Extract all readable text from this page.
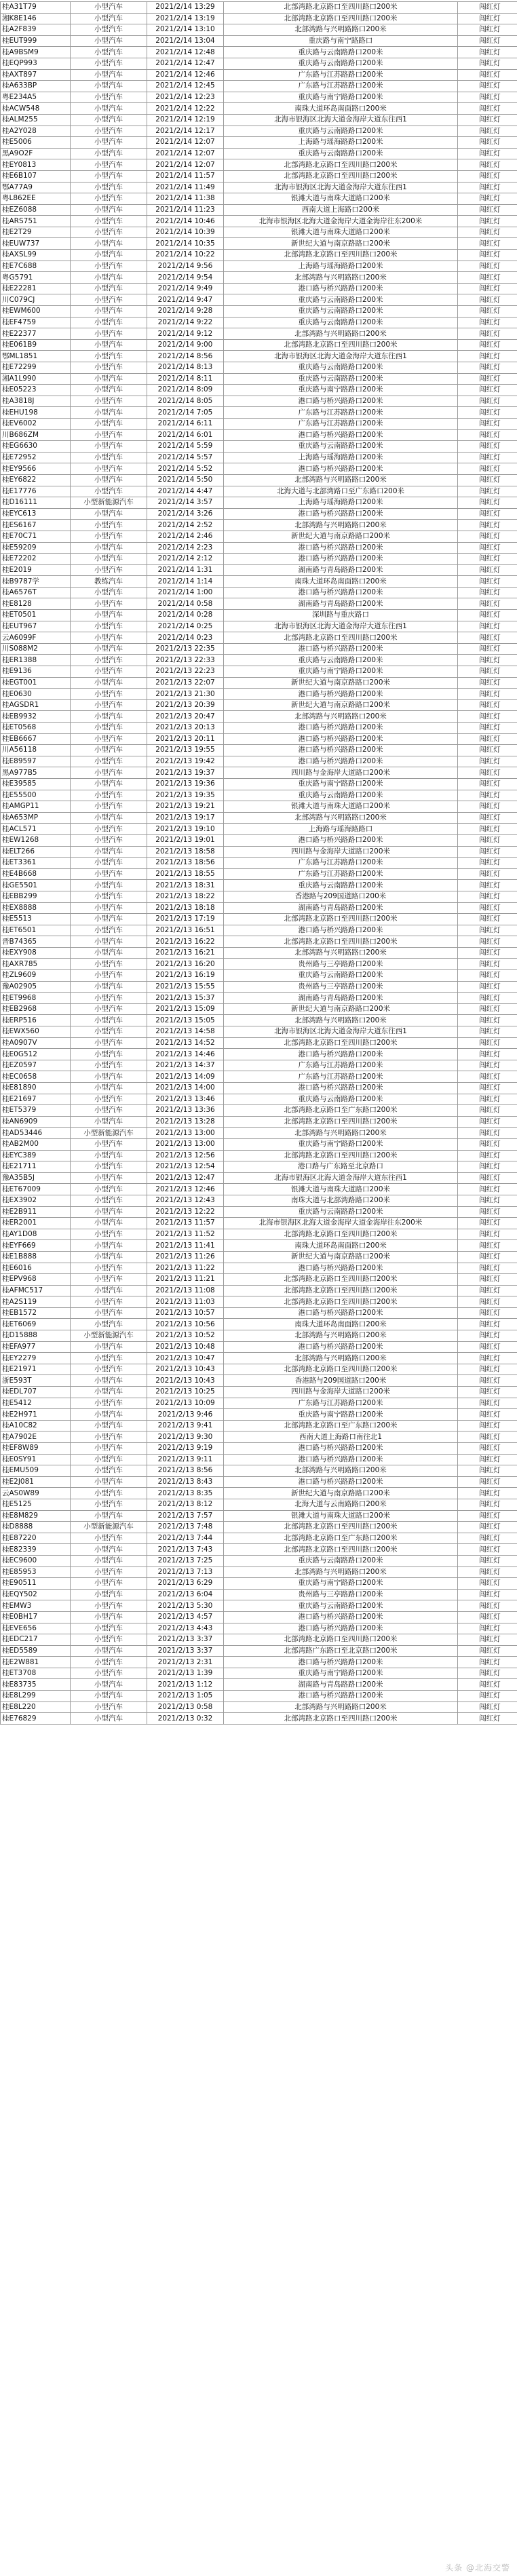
桂A31T79	小型汽车	2021/2/14 13:29	北部湾路北京路口至四川路口200米	闯红灯
湘K8E146	小型汽车	2021/2/14 13:19	北部湾路北京路口至四川路口200米	闯红灯
桂A2F839	小型汽车	2021/2/14 13:10	北部湾路与兴明路路口200米	闯红灯
桂EUT999	小型汽车	2021/2/14 13:04	重庆路与南宁路路口	闯红灯
桂A9BSM9	小型汽车	2021/2/14 12:48	重庆路与云南路路口200米	闯红灯
桂EQP993	小型汽车	2021/2/14 12:47	重庆路与云南路路口200米	闯红灯
桂AXT897	小型汽车	2021/2/14 12:46	广东路与江苏路路口200米	闯红灯
桂A633BP	小型汽车	2021/2/14 12:45	广东路与江苏路路口200米	闯红灯
粤E234A5	小型汽车	2021/2/14 12:23	重庆路与南宁路路口200米	闯红灯
桂ACW548	小型汽车	2021/2/14 12:22	南珠大道环岛南面路口200米	闯红灯
桂ALM255	小型汽车	2021/2/14 12:19	北海市银海区北海大道金海岸大道东往西1	闯红灯
桂A2Y028	小型汽车	2021/2/14 12:17	重庆路与云南路路口200米	闯红灯
桂E5006	小型汽车	2021/2/14 12:07	上海路与瑶海路路口200米	闯红灯
黑A9O2F	小型汽车	2021/2/14 12:07	重庆路与云南路路口200米	闯红灯
桂EY0813	小型汽车	2021/2/14 12:07	北部湾路北京路口至四川路口200米	闯红灯
桂E6B107	小型汽车	2021/2/14 11:57	北部湾路北京路口至四川路口200米	闯红灯
鄂A77A9	小型汽车	2021/2/14 11:49	北海市银海区北海大道金海岸大道东往西1	闯红灯
粤L862EE	小型汽车	2021/2/14 11:38	银滩大道与南珠大道路口200米	闯红灯
桂EZ6088	小型汽车	2021/2/14 11:23	西南大道上海路口200米	闯红灯
桂ARS751	小型汽车	2021/2/14 10:46	北海市银海区北海大道金海岸大道金海岸往东200米	闯红灯
桂E2T29	小型汽车	2021/2/14 10:39	银滩大道与南珠大道路口200米	闯红灯
桂EUW737	小型汽车	2021/2/14 10:35	新世纪大道与南京路路口200米	闯红灯
桂AXSL99	小型汽车	2021/2/14 10:22	北部湾路北京路口至四川路口200米	闯红灯
桂E7C688	小型汽车	2021/2/14 9:56	上海路与瑶海路路口200米	闯红灯
粤G5791	小型汽车	2021/2/14 9:54	北部湾路与兴明路路口200米	闯红灯
桂E22281	小型汽车	2021/2/14 9:49	港口路与桥兴路路口200米	闯红灯
川C079CJ	小型汽车	2021/2/14 9:47	重庆路与云南路路口200米	闯红灯
桂EWM600	小型汽车	2021/2/14 9:28	重庆路与云南路路口200米	闯红灯
桂EF4759	小型汽车	2021/2/14 9:22	重庆路与云南路路口200米	闯红灯
桂E22377	小型汽车	2021/2/14 9:12	北部湾路与兴明路路口200米	闯红灯
桂E061B9	小型汽车	2021/2/14 9:00	北部湾路北京路口至四川路口200米	闯红灯
鄂ML1851	小型汽车	2021/2/14 8:56	北海市银海区北海大道金海岸大道东往西1	闯红灯
桂E72299	小型汽车	2021/2/14 8:13	重庆路与云南路路口200米	闯红灯
湘A1L990	小型汽车	2021/2/14 8:11	重庆路与云南路路口200米	闯红灯
桂E05223	小型汽车	2021/2/14 8:09	重庆路与南宁路路口200米	闯红灯
桂A3818J	小型汽车	2021/2/14 8:05	港口路与桥兴路路口200米	闯红灯
桂EHU198	小型汽车	2021/2/14 7:05	广东路与江苏路路口200米	闯红灯
桂EV6002	小型汽车	2021/2/14 6:11	广东路与江苏路路口200米	闯红灯
川B686ZM	小型汽车	2021/2/14 6:01	港口路与桥兴路路口200米	闯红灯
桂EG6630	小型汽车	2021/2/14 5:59	重庆路与云南路路口200米	闯红灯
桂E72952	小型汽车	2021/2/14 5:57	上海路与瑶海路路口200米	闯红灯
桂EY9566	小型汽车	2021/2/14 5:52	港口路与桥兴路路口200米	闯红灯
桂EY6822	小型汽车	2021/2/14 5:50	北部湾路与兴明路路口200米	闯红灯
桂E17776	小型汽车	2021/2/14 4:47	北海大道与北部湾路口至广东路口200米	闯红灯
桂D16111	小型新能源汽车	2021/2/14 3:57	上海路与瑶海路路口200米	闯红灯
桂EYC613	小型汽车	2021/2/14 3:26	港口路与桥兴路路口200米	闯红灯
桂ES6167	小型汽车	2021/2/14 2:52	北部湾路与兴明路路口200米	闯红灯
桂E70C71	小型汽车	2021/2/14 2:46	新世纪大道与南京路路口200米	闯红灯
桂E59209	小型汽车	2021/2/14 2:23	港口路与桥兴路路口200米	闯红灯
桂E72202	小型汽车	2021/2/14 2:12	港口路与桥兴路路口200米	闯红灯
桂E2019	小型汽车	2021/2/14 1:31	湖南路与青岛路路口200米	闯红灯
桂B9787学	教练汽车	2021/2/14 1:14	南珠大道环岛南面路口200米	闯红灯
桂A6576T	小型汽车	2021/2/14 1:00	港口路与桥兴路路口200米	闯红灯
桂E8128	小型汽车	2021/2/14 0:58	湖南路与青岛路路口200米	闯红灯
桂ET0501	小型汽车	2021/2/14 0:28	深圳路与重庆路口	闯红灯
桂EUT967	小型汽车	2021/2/14 0:25	北海市银海区北海大道金海岸大道东往西1	闯红灯
云A6099F	小型汽车	2021/2/14 0:23	北部湾路北京路口至四川路口200米	闯红灯
川S088M2	小型汽车	2021/2/13 22:35	港口路与桥兴路路口200米	闯红灯
桂ER1388	小型汽车	2021/2/13 22:33	重庆路与云南路路口200米	闯红灯
桂E9136	小型汽车	2021/2/13 22:23	重庆路与南宁路路口200米	闯红灯
桂EGT001	小型汽车	2021/2/13 22:07	新世纪大道与南京路路口200米	闯红灯
桂E0630	小型汽车	2021/2/13 21:30	港口路与桥兴路路口200米	闯红灯
桂AGSDR1	小型汽车	2021/2/13 20:39	新世纪大道与南京路路口200米	闯红灯
桂EB9932	小型汽车	2021/2/13 20:47	北部湾路与兴明路路口200米	闯红灯
桂ET0568	小型汽车	2021/2/13 20:13	港口路与桥兴路路口200米	闯红灯
桂EB6667	小型汽车	2021/2/13 20:11	港口路与桥兴路路口200米	闯红灯
川A56118	小型汽车	2021/2/13 19:55	港口路与桥兴路路口200米	闯红灯
桂E89597	小型汽车	2021/2/13 19:42	港口路与桥兴路路口200米	闯红灯
黑A977B5	小型汽车	2021/2/13 19:37	四川路与金海岸大道路口200米	闯红灯
桂E39585	小型汽车	2021/2/13 19:36	重庆路与南宁路路口200米	闯红灯
桂E55500	小型汽车	2021/2/13 19:35	重庆路与云南路路口200米	闯红灯
桂AMGP11	小型汽车	2021/2/13 19:21	银滩大道与南珠大道路口200米	闯红灯
桂A653MP	小型汽车	2021/2/13 19:17	北部湾路与兴明路路口200米	闯红灯
桂ACL571	小型汽车	2021/2/13 19:10	上海路与瑶海路路口	闯红灯
桂EW1268	小型汽车	2021/2/13 19:01	港口路与桥兴路路口200米	闯红灯
桂ELT266	小型汽车	2021/2/13 18:58	四川路与金海岸大道路口200米	闯红灯
桂ET3361	小型汽车	2021/2/13 18:56	广东路与江苏路路口200米	闯红灯
桂E4B668	小型汽车	2021/2/13 18:55	广东路与江苏路路口200米	闯红灯
桂GE5501	小型汽车	2021/2/13 18:31	重庆路与云南路路口200米	闯红灯
桂EBB299	小型汽车	2021/2/13 18:22	香港路与209国道路口200米	闯红灯
桂EX8888	小型汽车	2021/2/13 18:18	湖南路与青岛路路口200米	闯红灯
桂E5513	小型汽车	2021/2/13 17:19	北部湾路北京路口至四川路口200米	闯红灯
桂ET6501	小型汽车	2021/2/13 16:51	港口路与桥兴路路口200米	闯红灯
晋B74365	小型汽车	2021/2/13 16:22	北部湾路北京路口至四川路口200米	闯红灯
桂EXY908	小型汽车	2021/2/13 16:21	北部湾路与兴明路路口200米	闯红灯
桂AXR785	小型汽车	2021/2/13 16:20	贵州路与三亭路路口200米	闯红灯
桂ZL9609	小型汽车	2021/2/13 16:19	重庆路与云南路路口200米	闯红灯
豫A02905	小型汽车	2021/2/13 15:55	贵州路与三亭路路口200米	闯红灯
桂ET9968	小型汽车	2021/2/13 15:37	湖南路与青岛路路口200米	闯红灯
桂EB2968	小型汽车	2021/2/13 15:09	新世纪大道与南京路路口200米	闯红灯
桂ERP516	小型汽车	2021/2/13 15:05	北部湾路与兴明路路口200米	闯红灯
桂EWX560	小型汽车	2021/2/13 14:58	北海市银海区北海大道金海岸大道东往西1	闯红灯
桂A0907V	小型汽车	2021/2/13 14:52	北部湾路北京路口至四川路口200米	闯红灯
桂E0G512	小型汽车	2021/2/13 14:46	港口路与桥兴路路口200米	闯红灯
桂EZ0597	小型汽车	2021/2/13 14:37	广东路与江苏路路口200米	闯红灯
桂EC0658	小型汽车	2021/2/13 14:09	广东路与江苏路路口200米	闯红灯
桂E81890	小型汽车	2021/2/13 14:00	港口路与桥兴路路口200米	闯红灯
桂E21697	小型汽车	2021/2/13 13:46	重庆路与云南路路口200米	闯红灯
桂ET5379	小型汽车	2021/2/13 13:36	北部湾路北京路口至广东路口200米	闯红灯
桂AN6909	小型汽车	2021/2/13 13:28	北部湾路北京路口至四川路口200米	闯红灯
桂AD53446	小型新能源汽车	2021/2/13 13:00	北部湾路与兴明路路口200米	闯红灯
桂AB2M00	小型汽车	2021/2/13 13:00	重庆路与南宁路路口200米	闯红灯
桂EYC389	小型汽车	2021/2/13 12:56	北部湾路北京路口至四川路口200米	闯红灯
桂E21711	小型汽车	2021/2/13 12:54	港口路与广东路至北京路口	闯红灯
豫A35B5J	小型汽车	2021/2/13 12:47	北海市银海区北海大道金海岸大道东往西1	闯红灯
桂ET67009	小型汽车	2021/2/13 12:46	银滩大道与南珠大道路口200米	闯红灯
桂EX3902	小型汽车	2021/2/13 12:43	南珠大道与北部湾路路口200米	闯红灯
桂E2B911	小型汽车	2021/2/13 12:22	重庆路与云南路路口200米	闯红灯
桂ER2001	小型汽车	2021/2/13 11:57	北海市银海区北海大道金海岸大道金海岸往东200米	闯红灯
桂AY1D08	小型汽车	2021/2/13 11:52	北部湾路北京路口至四川路口200米	闯红灯
桂EYF669	小型汽车	2021/2/13 11:41	南珠大道环岛南面路口200米	闯红灯
桂E1B888	小型汽车	2021/2/13 11:26	新世纪大道与南京路路口200米	闯红灯
桂E6016	小型汽车	2021/2/13 11:22	港口路与桥兴路路口200米	闯红灯
桂EPV968	小型汽车	2021/2/13 11:21	北部湾路北京路口至四川路口200米	闯红灯
桂AFMC517	小型汽车	2021/2/13 11:08	北部湾路北京路口至四川路口200米	闯红灯
桂A2S119	小型汽车	2021/2/13 11:03	北部湾路北京路口至四川路口200米	闯红灯
桂EB1572	小型汽车	2021/2/13 10:57	港口路与桥兴路路口200米	闯红灯
桂ET6069	小型汽车	2021/2/13 10:56	南珠大道环岛南面路口200米	闯红灯
桂D15888	小型新能源汽车	2021/2/13 10:52	北部湾路与兴明路路口200米	闯红灯
桂EFA977	小型汽车	2021/2/13 10:48	港口路与桥兴路路口200米	闯红灯
桂EY2279	小型汽车	2021/2/13 10:47	北部湾路与兴明路路口200米	闯红灯
桂E21971	小型汽车	2021/2/13 10:43	北部湾路北京路口至四川路口200米	闯红灯
浙E593T	小型汽车	2021/2/13 10:43	香港路与209国道路口200米	闯红灯
桂EDL707	小型汽车	2021/2/13 10:25	四川路与金海岸大道路口200米	闯红灯
桂E5412	小型汽车	2021/2/13 10:09	广东路与江苏路路口200米	闯红灯
桂E2H971	小型汽车	2021/2/13 9:46	重庆路与南宁路路口200米	闯红灯
桂A10C82	小型汽车	2021/2/13 9:41	北部湾路北京路口至广东路口200米	闯红灯
桂A7902E	小型汽车	2021/2/13 9:30	西南大道上海路口南往北1	闯红灯
桂EF8W89	小型汽车	2021/2/13 9:19	港口路与桥兴路路口200米	闯红灯
桂E0SY91	小型汽车	2021/2/13 9:11	港口路与桥兴路路口200米	闯红灯
桂EMU509	小型汽车	2021/2/13 8:56	北部湾路与兴明路路口200米	闯红灯
桂E2J081	小型汽车	2021/2/13 8:43	港口路与桥兴路路口200米	闯红灯
云AS0W89	小型汽车	2021/2/13 8:35	新世纪大道与南京路路口200米	闯红灯
桂E5125	小型汽车	2021/2/13 8:12	北海大道与云南路路口200米	闯红灯
桂E8M829	小型汽车	2021/2/13 7:57	银滩大道与南珠大道路口200米	闯红灯
桂D8888	小型新能源汽车	2021/2/13 7:48	北部湾路北京路口至四川路口200米	闯红灯
桂E87220	小型汽车	2021/2/13 7:44	北部湾路北京路口至广东路口200米	闯红灯
桂E82339	小型汽车	2021/2/13 7:43	北部湾路北京路口至四川路口200米	闯红灯
桂EC9600	小型汽车	2021/2/13 7:25	重庆路与云南路路口200米	闯红灯
桂E85953	小型汽车	2021/2/13 7:13	北部湾路与兴明路路口200米	闯红灯
桂E90511	小型汽车	2021/2/13 6:29	重庆路与南宁路路口200米	闯红灯
桂EQY502	小型汽车	2021/2/13 6:04	贵州路与三亭路路口200米	闯红灯
桂EMW3	小型汽车	2021/2/13 5:30	重庆路与云南路路口200米	闯红灯
桂E0BH17	小型汽车	2021/2/13 4:57	港口路与桥兴路路口200米	闯红灯
桂EVE656	小型汽车	2021/2/13 4:43	港口路与桥兴路路口200米	闯红灯
桂EDC217	小型汽车	2021/2/13 3:37	北部湾路北京路口至四川路口200米	闯红灯
桂ED5589	小型汽车	2021/2/13 3:37	北部湾路广东路口至北京路口200米	闯红灯
桂E2W881	小型汽车	2021/2/13 2:31	港口路与桥兴路路口200米	闯红灯
桂ET3708	小型汽车	2021/2/13 1:39	重庆路与南宁路路口200米	闯红灯
桂E83735	小型汽车	2021/2/13 1:12	湖南路与青岛路路口200米	闯红灯
桂E8L299	小型汽车	2021/2/13 1:05	港口路与桥兴路路口200米	闯红灯
桂E8L220	小型汽车	2021/2/13 0:58	北部湾路与兴明路路口200米	闯红灯
桂E76829	小型汽车	2021/2/13 0:32	北部湾路北京路口至四川路口200米	闯红灯
头条 @北海交警
